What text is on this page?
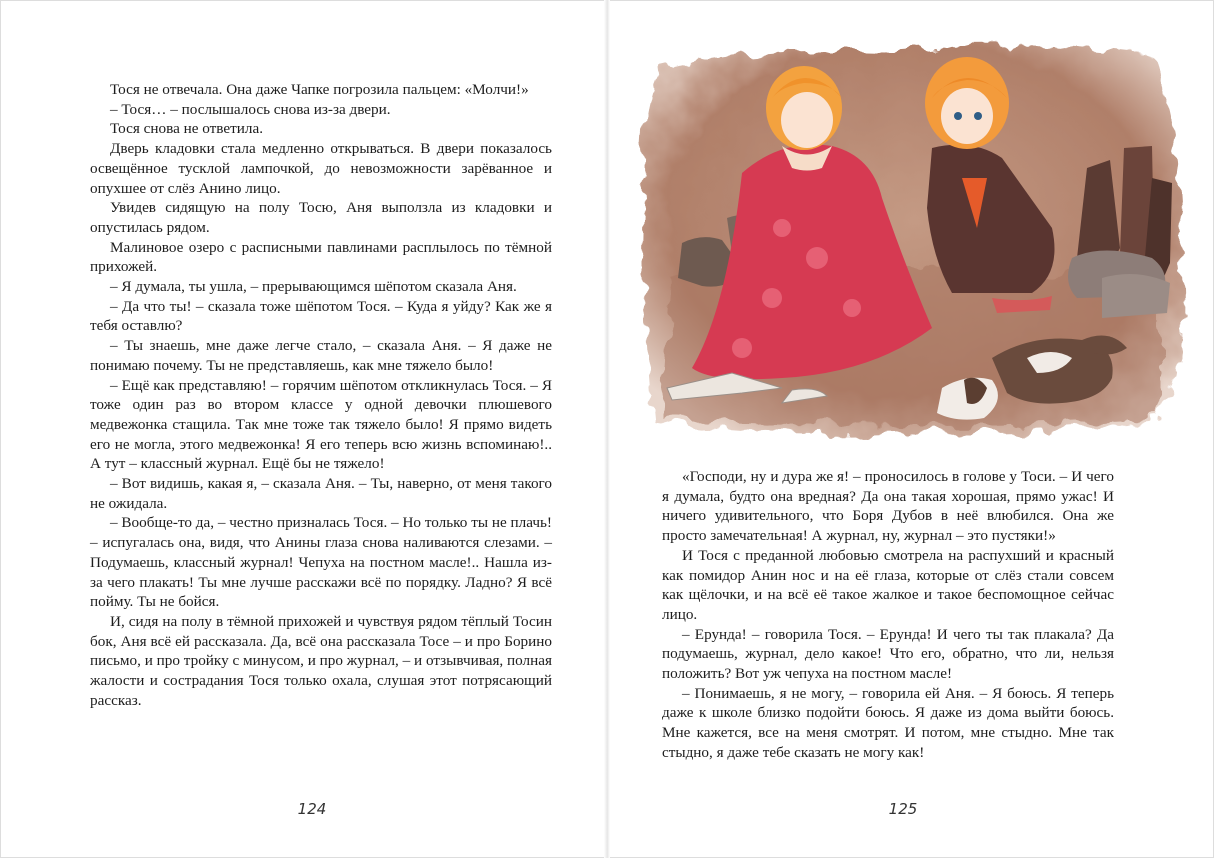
Тося не отвечала. Она даже Чапке погрозила пальцем: «Молчи!»

– Тося… – послышалось снова из-за двери.

Тося снова не ответила.

Дверь кладовки стала медленно открываться. В двери показалось освещённое тусклой лампочкой, до невозможности зарёванное и опухшее от слёз Анино лицо.

Увидев сидящую на полу Тосю, Аня выползла из кладовки и опустилась рядом.

Малиновое озеро с расписными павлинами расплылось по тёмной прихожей.

– Я думала, ты ушла, – прерывающимся шёпотом сказала Аня.

– Да что ты! – сказала тоже шёпотом Тося. – Куда я уйду? Как же я тебя оставлю?

– Ты знаешь, мне даже легче стало, – сказала Аня. – Я даже не понимаю почему. Ты не представляешь, как мне тяжело было!

– Ещё как представляю! – горячим шёпотом откликнулась Тося. – Я тоже один раз во втором классе у одной девочки плюшевого медвежонка стащила. Так мне тоже так тяжело было! Я прямо видеть его не могла, этого медвежонка! Я его теперь всю жизнь вспоминаю!.. А тут – классный журнал. Ещё бы не тяжело!

– Вот видишь, какая я, – сказала Аня. – Ты, наверно, от меня такого не ожидала.

– Вообще-то да, – честно призналась Тося. – Но только ты не плачь! – испугалась она, видя, что Анины глаза снова наливаются слезами. – Подумаешь, классный журнал! Чепуха на постном масле!.. Нашла из-за чего плакать! Ты мне лучше расскажи всё по порядку. Ладно? Я всё пойму. Ты не бойся.

И, сидя на полу в тёмной прихожей и чувствуя рядом тёплый Тосин бок, Аня всё ей рассказала. Да, всё она рассказала Тосе – и про Борино письмо, и про тройку с минусом, и про журнал, – и отзывчивая, полная жалости и сострадания Тося только охала, слушая этот потрясающий рассказ.

124

«Господи, ну и дура же я! – проносилось в голове у Тоси. – И чего я думала, будто она вредная? Да она такая хорошая, прямо ужас! И ничего удивительного, что Боря Дубов в неё влюбился. Она же просто замечательная! А журнал, ну, журнал – это пустяки!»

И Тося с преданной любовью смотрела на распухший и красный как помидор Анин нос и на её глаза, которые от слёз стали совсем как щёлочки, и на всё её такое жалкое и такое беспомощное сейчас лицо.

– Ерунда! – говорила Тося. – Ерунда! И чего ты так плакала? Да подумаешь, журнал, дело какое! Что его, обратно, что ли, нельзя положить? Вот уж чепуха на постном масле!

– Понимаешь, я не могу, – говорила ей Аня. – Я боюсь. Я теперь даже к школе близко подойти боюсь. Я даже из дома выйти боюсь. Мне кажется, все на меня смотрят. И потом, мне стыдно. Мне так стыдно, я даже тебе сказать не могу как!

125
